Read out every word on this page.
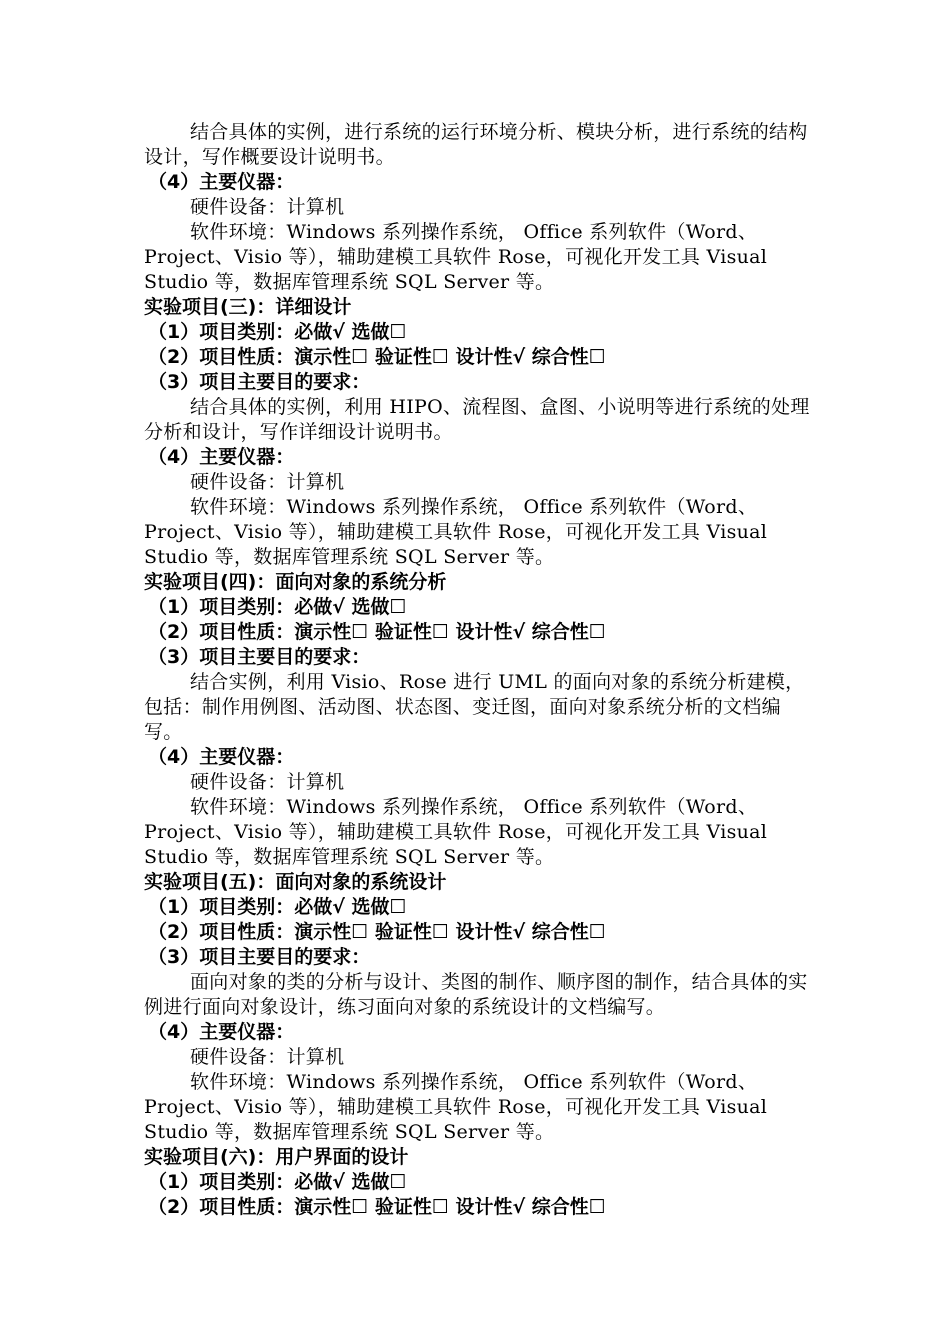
结合具体的实例，进行系统的运行环境分析、模块分析，进行系统的结构设计，写作概要设计说明书。

（4）主要仪器：

硬件设备：计算机

软件环境：Windows 系列操作系统， Office 系列软件（Word、Project、Visio 等），辅助建模工具软件 Rose，可视化开发工具 Visual Studio 等，数据库管理系统 SQL Server 等。

实验项目(三)：详细设计

（1）项目类别：必做√ 选做☐

（2）项目性质：演示性☐ 验证性☐ 设计性√ 综合性☐

（3）项目主要目的要求：

结合具体的实例，利用 HIPO、流程图、盒图、小说明等进行系统的处理分析和设计，写作详细设计说明书。

（4）主要仪器：

硬件设备：计算机

软件环境：Windows 系列操作系统， Office 系列软件（Word、Project、Visio 等），辅助建模工具软件 Rose，可视化开发工具 Visual Studio 等，数据库管理系统 SQL Server 等。

实验项目(四)：面向对象的系统分析

（1）项目类别：必做√ 选做☐

（2）项目性质：演示性☐ 验证性☐ 设计性√ 综合性☐

（3）项目主要目的要求：

结合实例，利用 Visio、Rose 进行 UML 的面向对象的系统分析建模，包括：制作用例图、活动图、状态图、变迁图，面向对象系统分析的文档编写。

（4）主要仪器：

硬件设备：计算机

软件环境：Windows 系列操作系统， Office 系列软件（Word、Project、Visio 等），辅助建模工具软件 Rose，可视化开发工具 Visual Studio 等，数据库管理系统 SQL Server 等。

实验项目(五)：面向对象的系统设计

（1）项目类别：必做√ 选做☐

（2）项目性质：演示性☐ 验证性☐ 设计性√ 综合性☐

（3）项目主要目的要求：

面向对象的类的分析与设计、类图的制作、顺序图的制作，结合具体的实例进行面向对象设计，练习面向对象的系统设计的文档编写。

（4）主要仪器：

硬件设备：计算机

软件环境：Windows 系列操作系统， Office 系列软件（Word、Project、Visio 等），辅助建模工具软件 Rose，可视化开发工具 Visual Studio 等，数据库管理系统 SQL Server 等。

实验项目(六)：用户界面的设计

（1）项目类别：必做√ 选做☐

（2）项目性质：演示性☐ 验证性☐ 设计性√ 综合性☐
